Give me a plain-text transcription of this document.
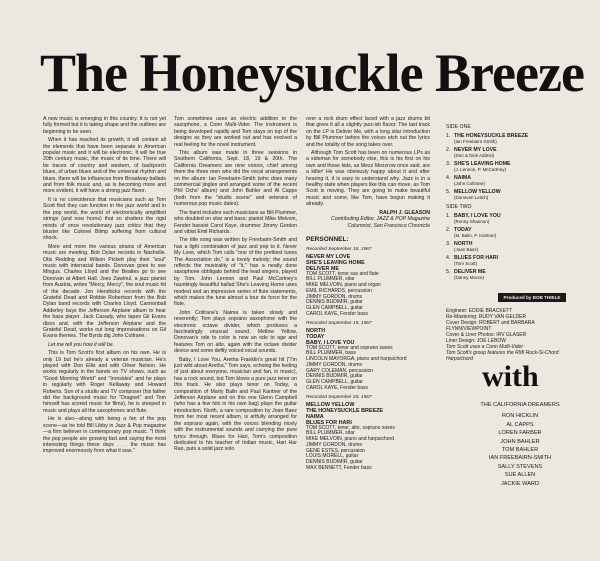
The Honeysuckle Breeze

A new music is emerging in this country. It is not yet fully formed but it is taking shape and the outlines are beginning to be seen.

When it has reached its growth, it will contain all the elements that have been separate in American popular music and it will be electronic. It will be true 20th century music, the music of its time. There will be traces of country and western, of backporch blues, of urban blues and of the universal rhythm and blues, there will be influences from Broadway ballads and from folk music and, as is becoming more and more evident, it will have a strong jazz flavor.

It is no coincidence that musicians such as Tom Scott find they can function in the jazz world and in the pop world, the world of electronically amplified strings (and now horns) that so shatters the rigid minds of once revolutionary jazz critics that they bluster like Colonel Blimp suffering from cultural shock.

More and more the various strains of American music are meeting. Bob Dylan records in Nashville. Otis Redding and Wilson Pickett play their "soul" music with interracial bands. Donovan goes to see Mingus. Charles Lloyd and the Beatles go to see Donovan at Albert Hall. Joes Zawinul, a jazz pianist from Austria, writes "Mercy, Mercy", the soul music hit of the decade. Jon Hendricks records with the Grateful Dead and Robbie Robertson from the Bob Dylan band records with Charles Lloyd. Cannonball Adderley buys the Jefferson Airplane album to hear the bass player. Jack Casady, who tapes Gil Evans discs and, with the Jefferson Airplane and the Grateful Dead, works out long improvisations on Gil Evans themes. The Byrds dig John Coltrane.

Let me tell you how it will be.

This is Tom Scott's first album on his own. He is only 19 but he's already a veteran musician. He's played with Don Ellis and with Oliver Nelson. He works regularly in the bands on TV shows, such as "Good Morning World" and "Ironsides" and he plays in regularly with Roger Kellaway and Howard Roberts. Son of a studio and TV composer (his father did the background music for "Dragnet" and Tom himself has scored music for films), he is steeped in music and plays all the saxophones and flute.

He is also—along with being a fan of the pop scene—as he told Bill Libby in Jazz & Pop magazine—a firm believer in contemporary pop music. "I think the pop people are growing fast and saying the most interesting things these days . . . the music has improved enormously from what it was."

Tom sometimes uses an electric addition to the saxophone, a Conn Multi-Vider. The instrument is being developed rapidly and Tom stays on top of the designs as they are worked out and has evolved a real feeling for the novel instrument.

This album was made in three sessions in Southern California, Sept. 18, 19 & 20th. The California Dreamers are nine voices, chief among them the three men who did the vocal arrangements on the album: Ian Freebairn-Smith (who does many commercial jingles and arranged some of the recent Phil Ochs' album) and John Bahler and Al Capps (both from the "studio scene" and veterans of numerous pop music dates).

The band includes such musicians as Bill Plummer, who doubled on sitar and bass; pianist Mike Melvoin, Fender bassist Carol Kaye, drummer Jimmy Gordon and vibist Emil Richards.

The title song was written by Freebairn-Smith and has a light combination of jazz and pop to it. Never My Love, which Tom calls "one of the prettiest tunes The Association do," is a lovely melody; the sound reflects the musicality of "it," has a neatly done saxophone obbligato behind the lead singers, played by Tom. John Lennon and Paul McCartney's hauntingly beautiful ballad She's Leaving Home uses modest and an impressive series of flute statements, which makes the tune almost a tour de force for the flute.

John Coltrane's Naima is taken slowly and reverently; Tom plays soprano saxophone with the electronic octave divider, which produces a fascinatingly unusual sound. Mellow Yellow, Donovan's ode to color is now an ode to age and features Tom on alto, again with the octave divider device and some deftly voiced vocal sounds.

Baby, I Love You, Aretha Franklin's great hit ("I'm just wild about Aretha," Tom says, echoing the feeling of just about everyone, musician and fan, in music), has a rock sound, but Tom blows a pure jazz tenor on this track. He also plays tenor on Today, a composition of Marty Balin and Paul Kantner of the Jefferson Airplane and on this one Glenn Campbell (who has a few hits in his own bag) plays the guitar introduction. North, a rare composition by Joan Baez from her most recent album, is artfully arranged for the soprano again, with the voices blending nicely with the instrumental sounds and carrying the pure lyrics through. Blues for Hari, Tom's composition dedicated to his teacher of Indian music, Hari Har Rao, puts a solid jazz solo

over a rock drum effect laced with a jazz drums bit that gives it all a slightly jazz-ish flavor. The last track on the LP is Deliver Me, with a long sitar introduction by Bill Plummer before the voices etch out the lyrics and the totality of the song takes over.

Although Tom Scott has been on numerous LPs as a sideman for somebody else, this is his first on his own and those kids, as Mezz Mezzrow once said, are a killer! He was obviously happy about it and after hearing it, it is easy to understand why. Jazz is in a healthy state when players like this can move, as Tom Scott is moving. They are going to make beautiful music and some, like Tom, have begun making it already.

RALPH J. GLEASON
Contributing Editor, JAZZ & POP Magazine
Columnist, San Francisco Chronicle
PERSONNEL:
Recorded September 18, 1967
NEVER MY LOVE
SHE'S LEAVING HOME
DELIVER ME
TOM SCOTT, tenor sax and flute
BILL PLUMMER, sitar
MIKE MELVOIN, piano and organ
EMIL RICHARDS, percussion
JIMMY GORDON, drums
DENNIS BUDIMIR, guitar
GLEN CAMPBELL, guitar
CAROL KAYE, Fender bass
Recorded September 19, 1967
NORTH
TODAY
BABY, I LOVE YOU
TOM SCOTT, tenor and soprano saxes
BILL PLUMMER, bass
LINCOLN MAYORGA, piano and harpsichord
JIMMY GORDON, drums
GARY COLEMAN, percussion
DENNIS BUDIMIR, guitar
GLEN CAMPBELL, guitar
CAROL KAYE, Fender bass
Recorded September 20, 1967
MELLOW YELLOW
THE HONEYSUCKLE BREEZE
NAIMA
BLUES FOR HARI
TOM SCOTT, tenor, alto, soprano saxes
BILL PLUMMER, sitar
MIKE MELVOIN, piano and harpsichord
JIMMY GORDON, drums
GENE ESTES, percussion
LOUIS MORELL, guitar
DENNIS BUDIMIR, guitar
MAX BENNETT, Fender bass
SIDE ONE
1. THE HONEYSUCKLE BREEZE
(Ian Freebairn-Smith)
2. NEVER MY LOVE
(Don & Dick Addrisi)
3. SHE'S LEAVING HOME
(J. Lennon, P. McCartney)
4. NAIMA
(John Coltrane)
5. MELLOW YELLOW
(Donovan Leitch)
SIDE TWO
1. BABY, I LOVE YOU
(Ronny Shannon)
2. TODAY
(M. Balin, P. Kantner)
3. NORTH
(Joan Baez)
4. BLUES FOR HARI
(Tom Scott)
5. DELIVER ME
(Danny Moore)
Produced by BOB THIELE
Engineer: EDDIE BRACKETT
Re-Mastering: RUDY VAN GELDER
Cover Design: ROBERT and BARBARA FLYNN/VIEWPOINT
Cover & Liner Photos: IRV GLASER
Liner Design: JOE LEBOW
Tom Scott uses a Conn Multi-Vider
Tom Scott's group features the RMI Rock-Si-Chord Harpsichord
with
THE CALIFORNIA DREAMERS
RON HICKLIN
AL CAPPS
LOREN FARBER
JOHN BAHLER
TOM BAHLER
IAN FREEBAIRN-SMITH
SALLY STEVENS
SUE ALLEN
JACKIE WARD
